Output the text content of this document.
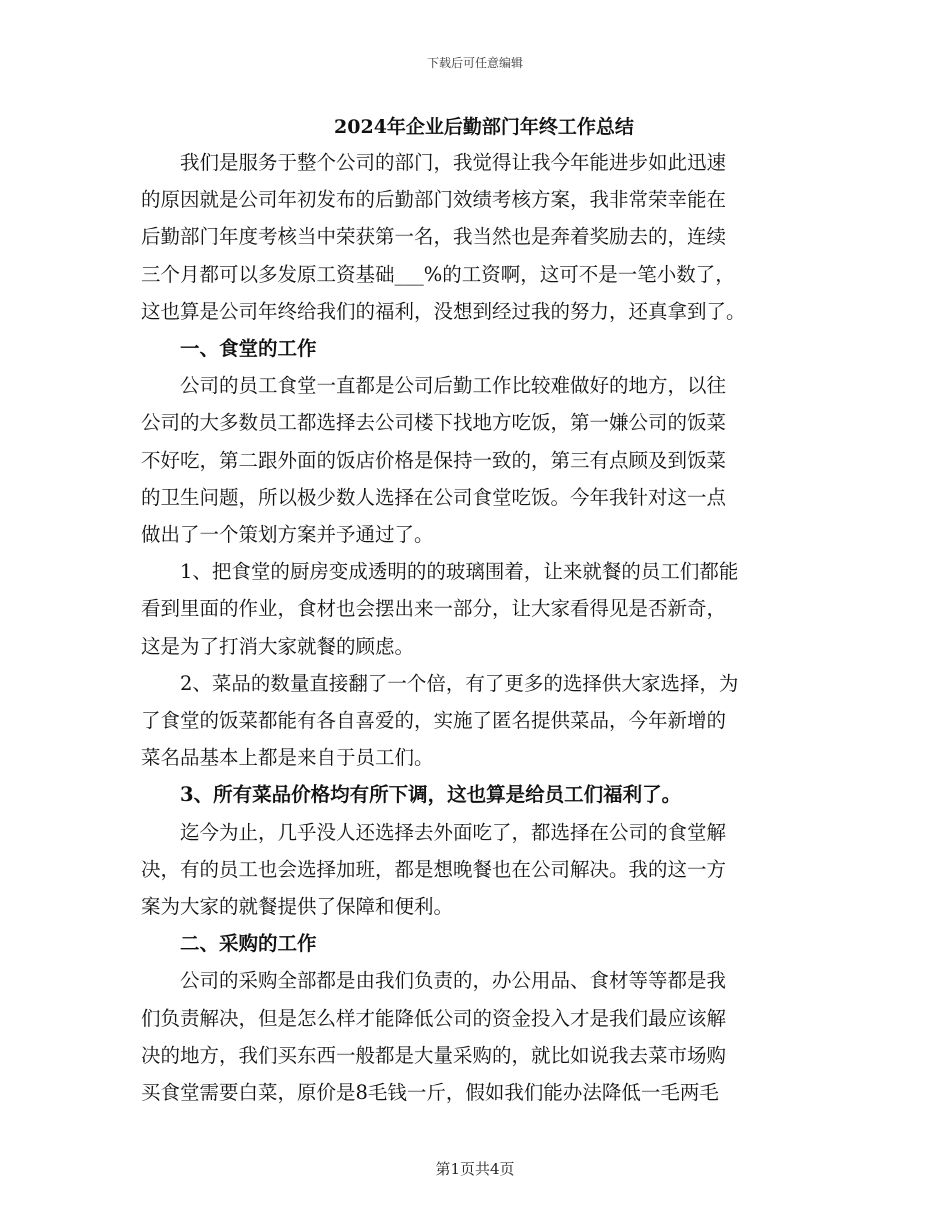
下载后可任意编辑
2024年企业后勤部门年终工作总结

我们是服务于整个公司的部门，我觉得让我今年能进步如此迅速
的原因就是公司年初发布的后勤部门效绩考核方案，我非常荣幸能在
后勤部门年度考核当中荣获第一名，我当然也是奔着奖励去的，连续
三个月都可以多发原工资基础___%的工资啊，这可不是一笔小数了，
这也算是公司年终给我们的福利，没想到经过我的努力，还真拿到了。

一、食堂的工作

公司的员工食堂一直都是公司后勤工作比较难做好的地方，以往
公司的大多数员工都选择去公司楼下找地方吃饭，第一嫌公司的饭菜
不好吃，第二跟外面的饭店价格是保持一致的，第三有点顾及到饭菜
的卫生问题，所以极少数人选择在公司食堂吃饭。今年我针对这一点
做出了一个策划方案并予通过了。

1、把食堂的厨房变成透明的的玻璃围着，让来就餐的员工们都能
看到里面的作业，食材也会摆出来一部分，让大家看得见是否新奇，
这是为了打消大家就餐的顾虑。

2、菜品的数量直接翻了一个倍，有了更多的选择供大家选择，为
了食堂的饭菜都能有各自喜爱的，实施了匿名提供菜品，今年新增的
菜名品基本上都是来自于员工们。

3、所有菜品价格均有所下调，这也算是给员工们福利了。

迄今为止，几乎没人还选择去外面吃了，都选择在公司的食堂解
决，有的员工也会选择加班，都是想晚餐也在公司解决。我的这一方
案为大家的就餐提供了保障和便利。

二、采购的工作

公司的采购全部都是由我们负责的，办公用品、食材等等都是我
们负责解决，但是怎么样才能降低公司的资金投入才是我们最应该解
决的地方，我们买东西一般都是大量采购的，就比如说我去菜市场购
买食堂需要白菜，原价是8毛钱一斤，假如我们能办法降低一毛两毛

第1页共4页
